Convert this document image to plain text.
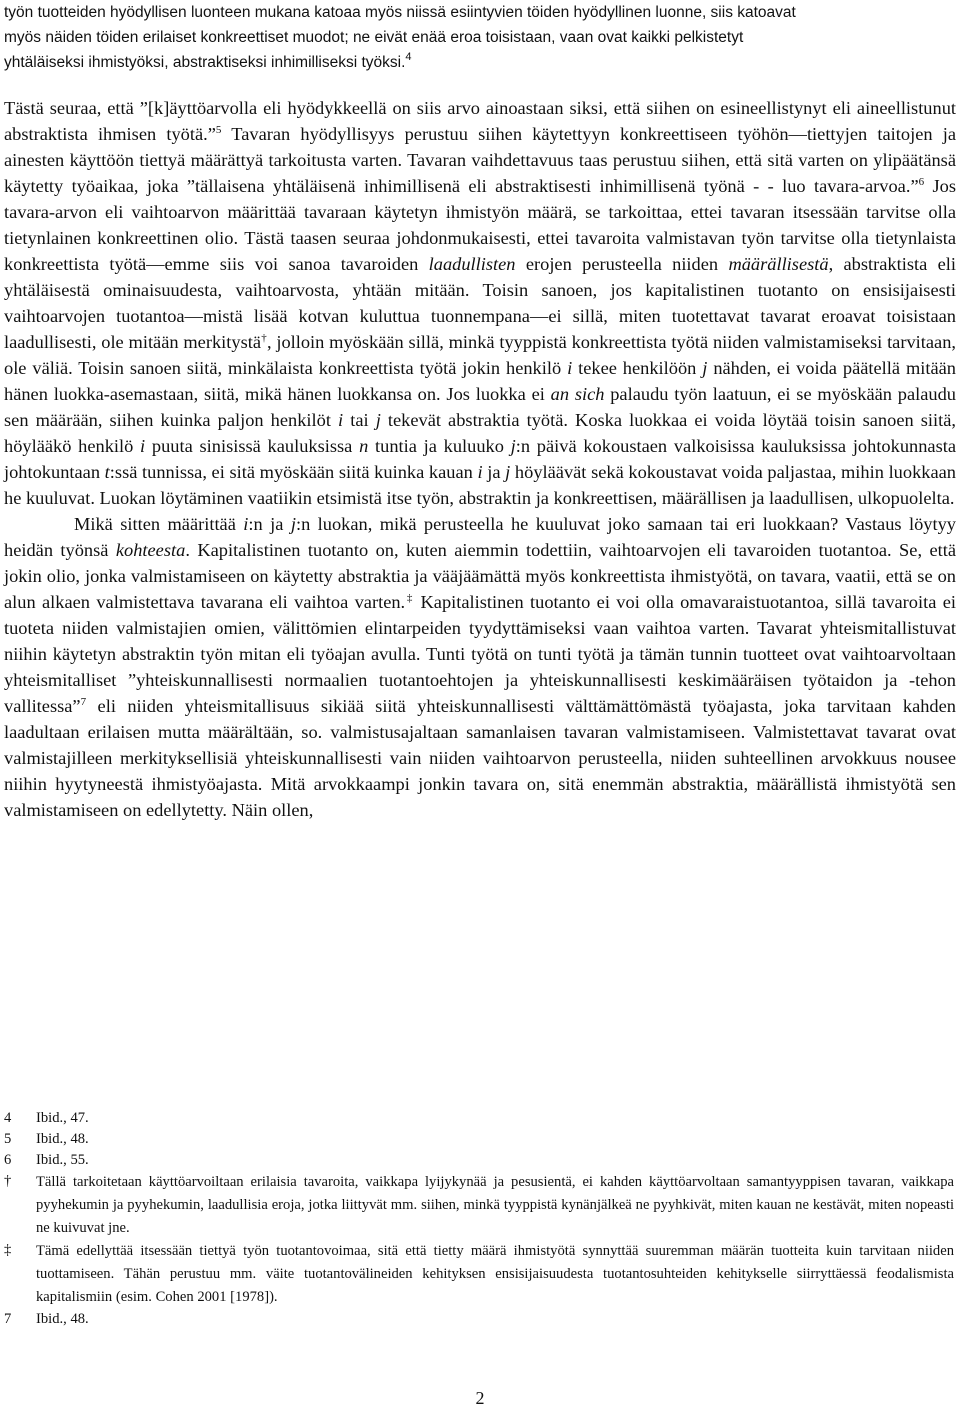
työn tuotteiden hyödyllisen luonteen mukana katoaa myös niissä esiintyvien töiden hyödyllinen luonne, siis katoavat
myös näiden töiden erilaiset konkreettiset muodot; ne eivät enää eroa toisistaan, vaan ovat kaikki pelkistetyt
yhtäläiseksi ihmistyöksi, abstraktiseksi inhimilliseksi työksi.$^4$

Tästä seuraa, että ”[k]äyttöarvolla eli hyödykkeellä on siis arvo ainoastaan siksi, että siihen on esineellistynyt eli aineellistunut abstraktista ihmisen työtä.”$^5$ Tavaran hyödyllisyys perustuu siihen käytettyyn konkreettiseen työhön—tiettyjen taitojen ja ainesten käyttöön tiettyä määrättyä tarkoitusta varten. Tavaran vaihdettavuus taas perustuu siihen, että sitä varten on ylipäätänsä käytetty työaikaa, joka ”tällaisena yhtäläisenä inhimillisenä eli abstraktisesti inhimillisenä työnä - - luo tavara-arvoa.”$^6$ Jos tavara-arvon eli vaihtoarvon määrittää tavaraan käytetyn ihmistyön määrä, se tarkoittaa, ettei tavaran itsessään tarvitse olla tietynlainen konkreettinen olio. Tästä taasen seuraa johdonmukaisesti, ettei tavaroita valmistavan työn tarvitse olla tietynlaista konkreettista työtä—emme siis voi sanoa tavaroiden laadullisten erojen perusteella niiden määrällisestä, abstraktista eli yhtäläisestä ominaisuudesta, vaihtoarvosta, yhtään mitään. Toisin sanoen, jos kapitalistinen tuotanto on ensisijaisesti vaihtoarvojen tuotantoa—mistä lisää kotvan kuluttua tuonnempana—ei sillä, miten tuotettavat tavarat eroavat toisistaan laadullisesti, ole mitään merkitystä†, jolloin myöskään sillä, minkä tyyppistä konkreettista työtä niiden valmistamiseksi tarvitaan, ole väliä. Toisin sanoen siitä, minkälaista konkreettista työtä jokin henkilö i tekee henkilöön j nähden, ei voida päätellä mitään hänen luokka-asemastaan, siitä, mikä hänen luokkansa on. Jos luokka ei an sich palaudu työn laatuun, ei se myöskään palaudu sen määrään, siihen kuinka paljon henkilöt i tai j tekevät abstraktia työtä. Koska luokkaa ei voida löytää toisin sanoen siitä, höylääkö henkilö i puuta sinisissä kauluksissa n tuntia ja kuluuko j:n päivä kokoustaen valkoisissa kauluksissa johtokunnasta johtokuntaan t:ssä tunnissa, ei sitä myöskään siitä kuinka kauan i ja j höyläävät sekä kokoustavat voida paljastaa, mihin luokkaan he kuuluvat. Luokan löytäminen vaatiikin etsimistä itse työn, abstraktin ja konkreettisen, määrällisen ja laadullisen, ulkopuolelta.

Mikä sitten määrittää i:n ja j:n luokan, mikä perusteella he kuuluvat joko samaan tai eri luokkaan? Vastaus löytyy heidän työnsä kohteesta. Kapitalistinen tuotanto on, kuten aiemmin todettiin, vaihtoarvojen eli tavaroiden tuotantoa. Se, että jokin olio, jonka valmistamiseen on käytetty abstraktia ja vääjäämättä myös konkreettista ihmistyötä, on tavara, vaatii, että se on alun alkaen valmistettava tavarana eli vaihtoa varten.‡ Kapitalistinen tuotanto ei voi olla omavaraistuotantoa, sillä tavaroita ei tuoteta niiden valmistajien omien, välittömien elintarpeiden tyydyttämiseksi vaan vaihtoa varten. Tavarat yhteismitallistuvat niihin käytetyn abstraktin työn mitan eli työajan avulla. Tunti työtä on tunti työtä ja tämän tunnin tuotteet ovat vaihtoarvoltaan yhteismitalliset ”yhteiskunnallisesti normaalien tuotantoehtojen ja yhteiskunnallisesti keskimääräisen työtaidon ja -tehon vallitessa”$^7$ eli niiden yhteismitallisuus sikiää siitä yhteiskunnallisesti välttämättömästä työajasta, joka tarvitaan kahden laadultaan erilaisen mutta määrältään, so. valmistusajaltaan samanlaisen tavaran valmistamiseen. Valmistettavat tavarat ovat valmistajilleen merkityksellisiä yhteiskunnallisesti vain niiden vaihtoarvon perusteella, niiden suhteellinen arvokkuus nousee niihin hyytyneestä ihmistyöajasta. Mitä arvokkaampi jonkin tavara on, sitä enemmän abstraktia, määrällistä ihmistyötä sen valmistamiseen on edellytetty. Näin ollen,

4	Ibid., 47.
5	Ibid., 48.
6	Ibid., 55.
†	Tällä tarkoitetaan käyttöarvoiltaan erilaisia tavaroita, vaikkapa lyijykynää ja pesusientä, ei kahden käyttöarvoltaan samantyyppisen tavaran, vaikkapa pyyhekumin ja pyyhekumin, laadullisia eroja, jotka liittyvät mm. siihen, minkä tyyppistä kynänjälkeä ne pyyhkivät, miten kauan ne kestävät, miten nopeasti ne kuivuvat jne.
‡	Tämä edellyttää itsessään tiettyä työn tuotantovoimaa, sitä että tietty määrä ihmistyötä synnyttää suuremman määrän tuotteita kuin tarvitaan niiden tuottamiseen. Tähän perustuu mm. väite tuotantovälineiden kehityksen ensisijaisuudesta tuotantosuhteiden kehitykselle siirryttäessä feodalismista kapitalismiin (esim. Cohen 2001 [1978]).
7	Ibid., 48.
2
